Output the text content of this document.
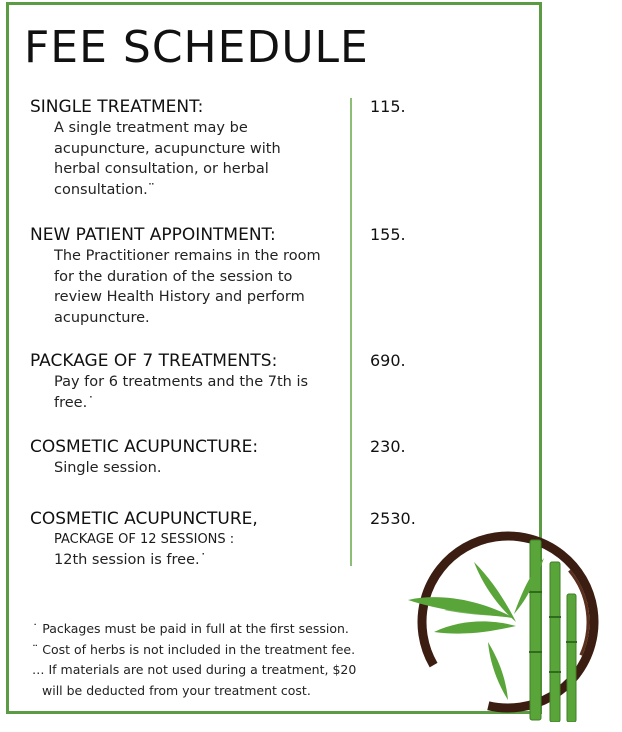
FEE SCHEDULE
SINGLE TREATMENT:
A single treatment may be acupuncture, acupuncture with herbal consultation, or herbal consultation.¨
115.
NEW PATIENT APPOINTMENT:
The Practitioner remains in the room for the duration of the session to review Health History and perform acupuncture.
155.
PACKAGE OF 7 TREATMENTS:
Pay for 6 treatments and the 7th is free.˙
690.
COSMETIC ACUPUNCTURE:
Single session.
230.
COSMETIC ACUPUNCTURE,
PACKAGE OF 12 SESSIONS :
12th session is free.˙
2530.
˙ Packages must be paid in full at the first session.
¨ Cost of herbs is not included in the treatment fee.
… If materials are not used during a treatment, $20
will be deducted from your treatment cost.
